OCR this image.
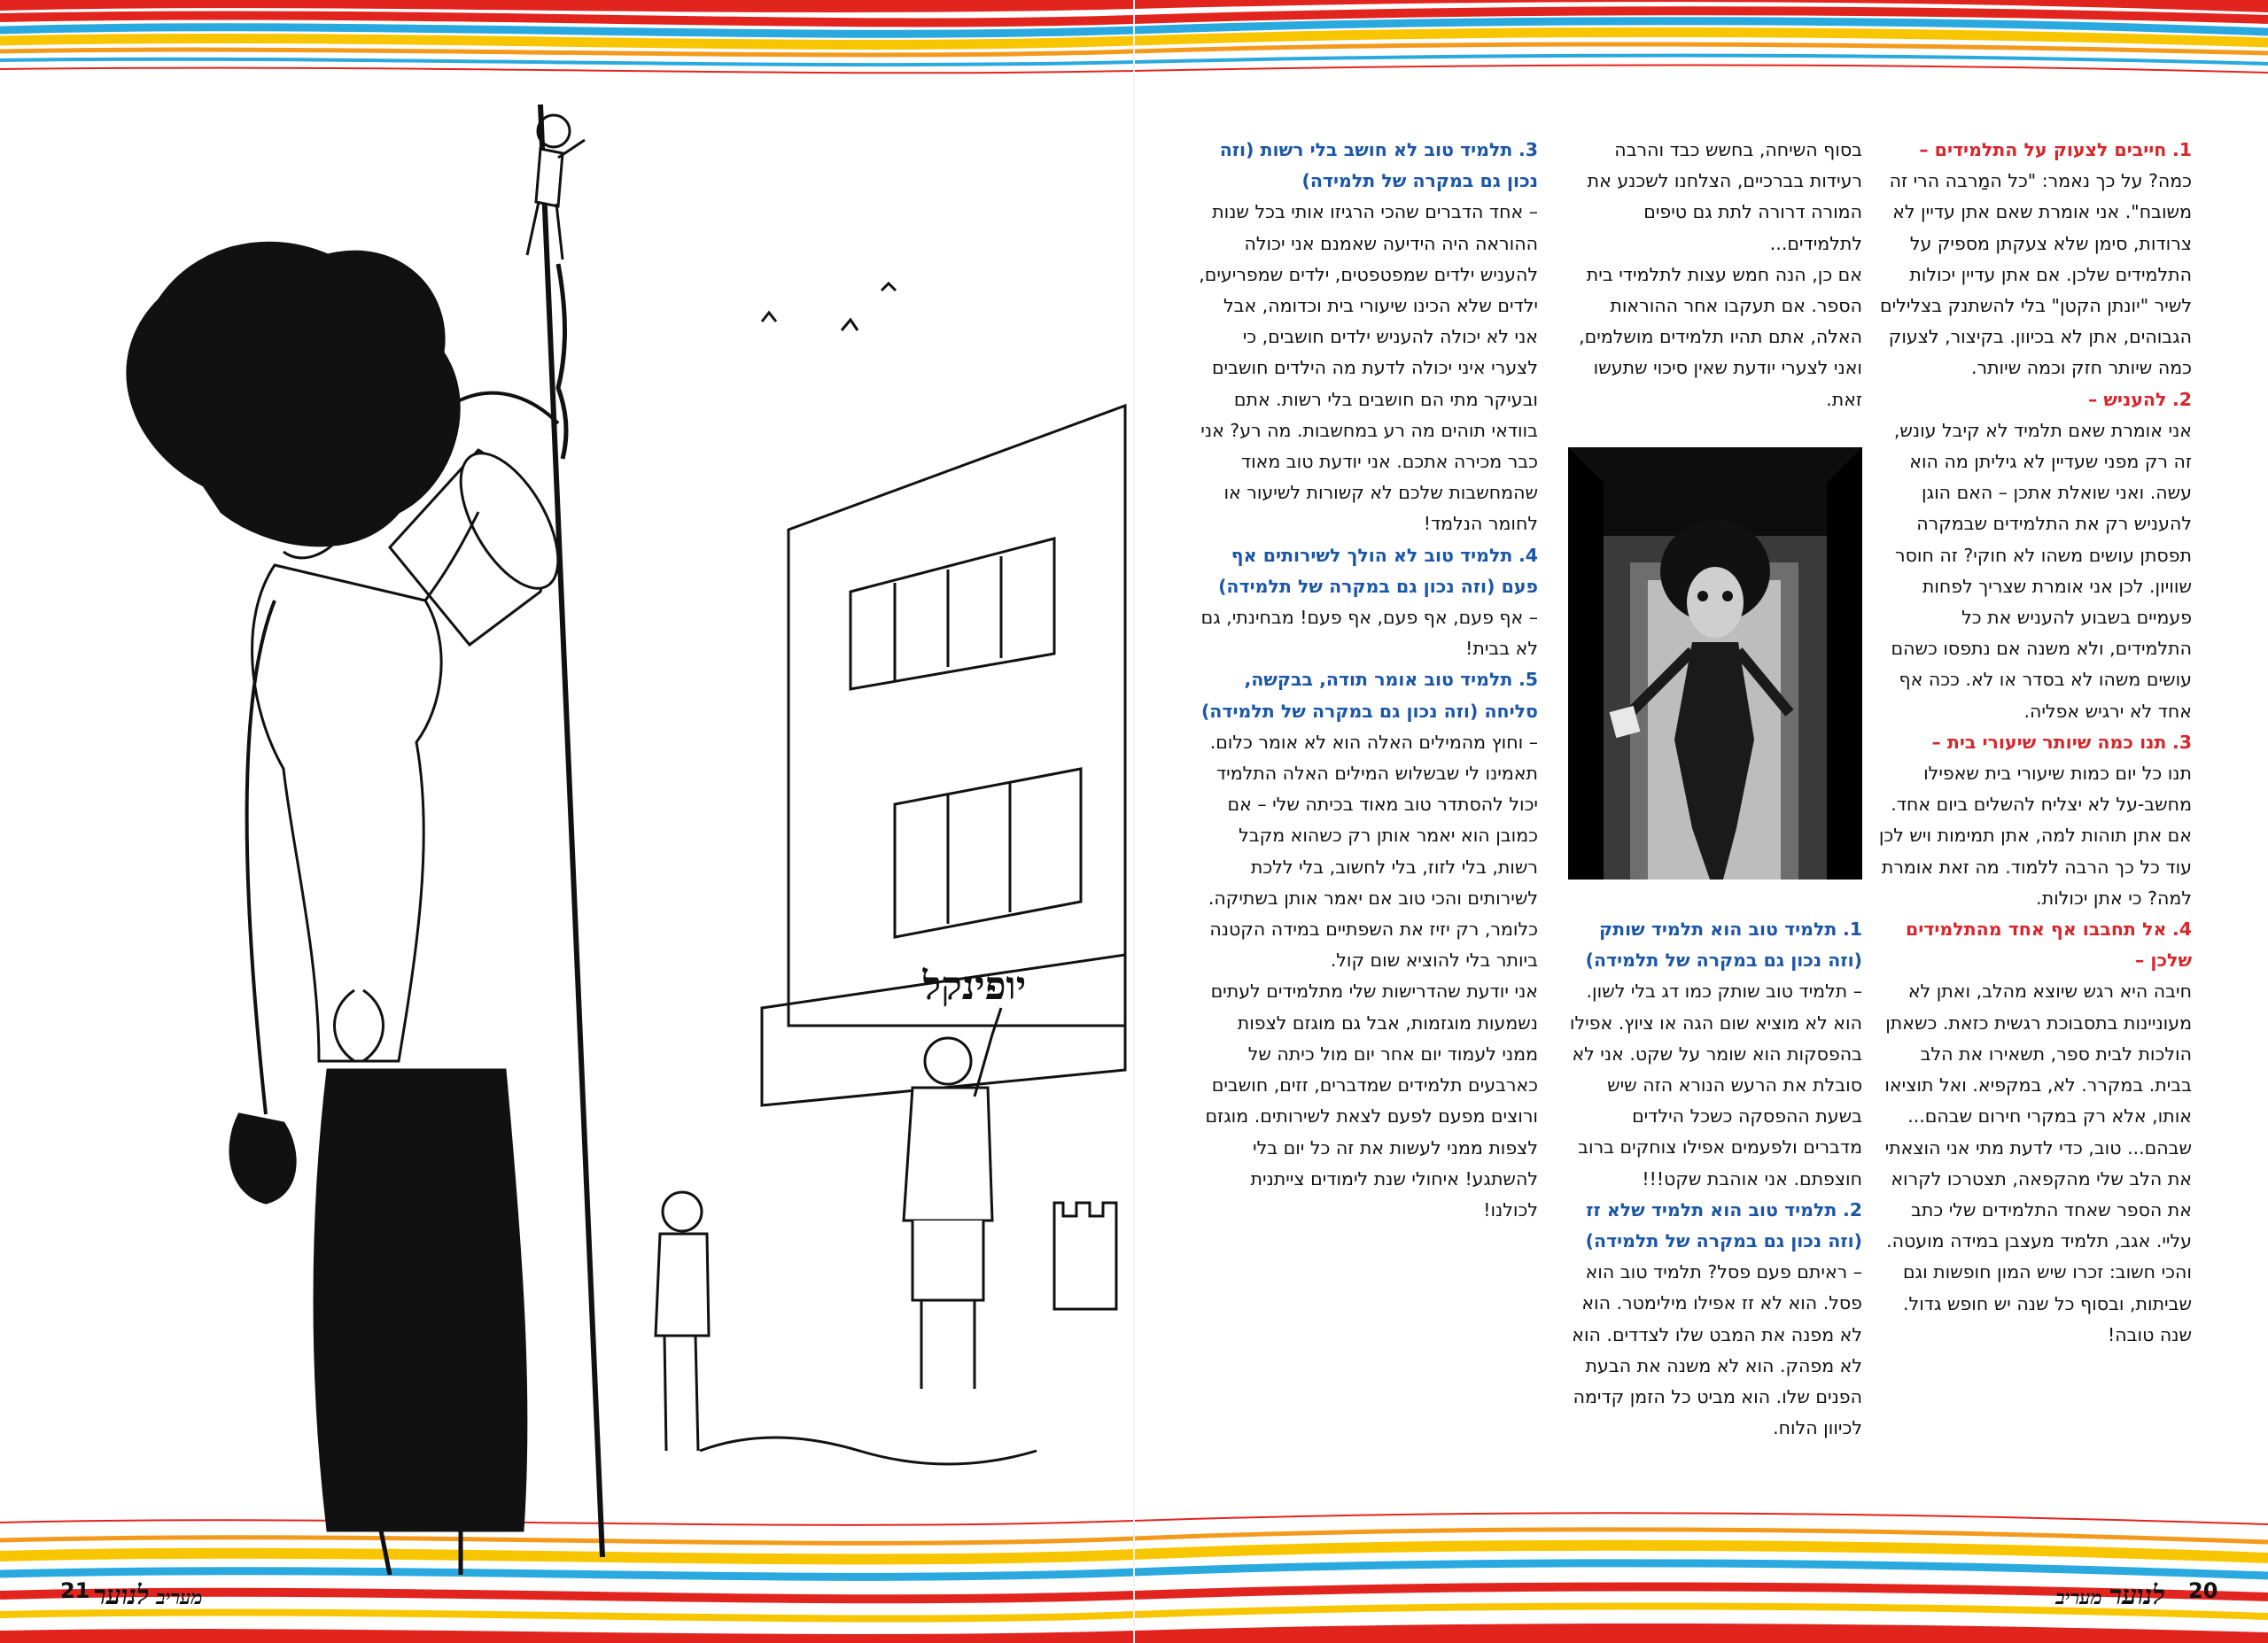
יופינקל

1. חייבים לצעוק על התלמידים –

כמה? על כך נאמר: "כל המַרבה הרי זה משובח". אני אומרת שאם אתן עדיין לא צרודות, סימן שלא צעקתן מספיק על התלמידים שלכן. אם אתן עדיין יכולות לשיר "יונתן הקטן" בלי להשתנק בצלילים הגבוהים, אתן לא בכיוון. בקיצור, לצעוק כמה שיותר חזק וכמה שיותר.

2. להעניש –

אני אומרת שאם תלמיד לא קיבל עונש, זה רק מפני שעדיין לא גיליתן מה הוא עשה. ואני שואלת אתכן – האם הוגן להעניש רק את התלמידים שבמקרה תפסתן עושים משהו לא חוקי? זה חוסר שוויון. לכן אני אומרת שצריך לפחות פעמיים בשבוע להעניש את כל התלמידים, ולא משנה אם נתפסו כשהם עושים משהו לא בסדר או לא. ככה אף אחד לא ירגיש אפליה.

3. תנו כמה שיותר שיעורי בית –

תנו כל יום כמות שיעורי בית שאפילו מחשב-על לא יצליח להשלים ביום אחד. אם אתן תוהות למה, אתן תמימות ויש לכן עוד כל כך הרבה ללמוד. מה זאת אומרת למה? כי אתן יכולות.

4. אל תחבבו אף אחד מהתלמידים שלכן –

חיבה היא רגש שיוצא מהלב, ואתן לא מעוניינות בתסבוכת רגשית כזאת. כשאתן הולכות לבית ספר, תשאירו את הלב בבית. במקרר. לא, במקפיא. ואל תוציאו אותו, אלא רק במקרי חירום שבהם... שבהם... טוב, כדי לדעת מתי אני הוצאתי את הלב שלי מהקפאה, תצטרכו לקרוא את הספר שאחד התלמידים שלי כתב עליי. אגב, תלמיד מעצבן במידה מועטה.

והכי חשוב: זכרו שיש המון חופשות וגם שביתות, ובסוף כל שנה יש חופש גדול. שנה טובה!

בסוף השיחה, בחשש כבד והרבה רעידות בברכיים, הצלחנו לשכנע את המורה דרורה לתת גם טיפים לתלמידים...

אם כן, הנה חמש עצות לתלמידי בית הספר. אם תעקבו אחר ההוראות האלה, אתם תהיו תלמידים מושלמים, ואני לצערי יודעת שאין סיכוי שתעשו זאת.

1. תלמיד טוב הוא תלמיד שותק (וזה נכון גם במקרה של תלמידה)

– תלמיד טוב שותק כמו דג בלי לשון. הוא לא מוציא שום הגה או ציוץ. אפילו בהפסקות הוא שומר על שקט. אני לא סובלת את הרעש הנורא הזה שיש בשעת ההפסקה כשכל הילדים מדברים ולפעמים אפילו צוחקים ברוב חוצפתם. אני אוהבת שקט!!!

2. תלמיד טוב הוא תלמיד שלא זז (וזה נכון גם במקרה של תלמידה)

– ראיתם פעם פסל? תלמיד טוב הוא פסל. הוא לא זז אפילו מילימטר. הוא לא מפנה את המבט שלו לצדדים. הוא לא מפהק. הוא לא משנה את הבעת הפנים שלו. הוא מביט כל הזמן קדימה לכיוון הלוח.

3. תלמיד טוב לא חושב בלי רשות (וזה נכון גם במקרה של תלמידה)

– אחד הדברים שהכי הרגיזו אותי בכל שנות ההוראה היה הידיעה שאמנם אני יכולה להעניש ילדים שמפטפטים, ילדים שמפריעים, ילדים שלא הכינו שיעורי בית וכדומה, אבל אני לא יכולה להעניש ילדים חושבים, כי לצערי איני יכולה לדעת מה הילדים חושבים ובעיקר מתי הם חושבים בלי רשות. אתם בוודאי תוהים מה רע במחשבות. מה רע? אני כבר מכירה אתכם. אני יודעת טוב מאוד שהמחשבות שלכם לא קשורות לשיעור או לחומר הנלמד!

4. תלמיד טוב לא הולך לשירותים אף פעם (וזה נכון גם במקרה של תלמידה)

– אף פעם, אף פעם, אף פעם! מבחינתי, גם לא בבית!

5. תלמיד טוב אומר תודה, בבקשה, סליחה (וזה נכון גם במקרה של תלמידה)

– וחוץ מהמילים האלה הוא לא אומר כלום. תאמינו לי שבשלוש המילים האלה התלמיד יכול להסתדר טוב מאוד בכיתה שלי – אם כמובן הוא יאמר אותן רק כשהוא מקבל רשות, בלי לזוז, בלי לחשוב, בלי ללכת לשירותים והכי טוב אם יאמר אותן בשתיקה. כלומר, רק יזיז את השפתיים במידה הקטנה ביותר בלי להוציא שום קול.

אני יודעת שהדרישות שלי מתלמידים לעתים נשמעות מוגזמות, אבל גם מוגזם לצפות ממני לעמוד יום אחר יום מול כיתה של כארבעים תלמידים שמדברים, זזים, חושבים ורוצים מפעם לפעם לצאת לשירותים. מוגזם לצפות ממני לעשות את זה כל יום בלי להשתגע! איחולי שנת לימודים צייתנית לכולנו!

21	מעריב לנוער	לנוער מעריב	20
